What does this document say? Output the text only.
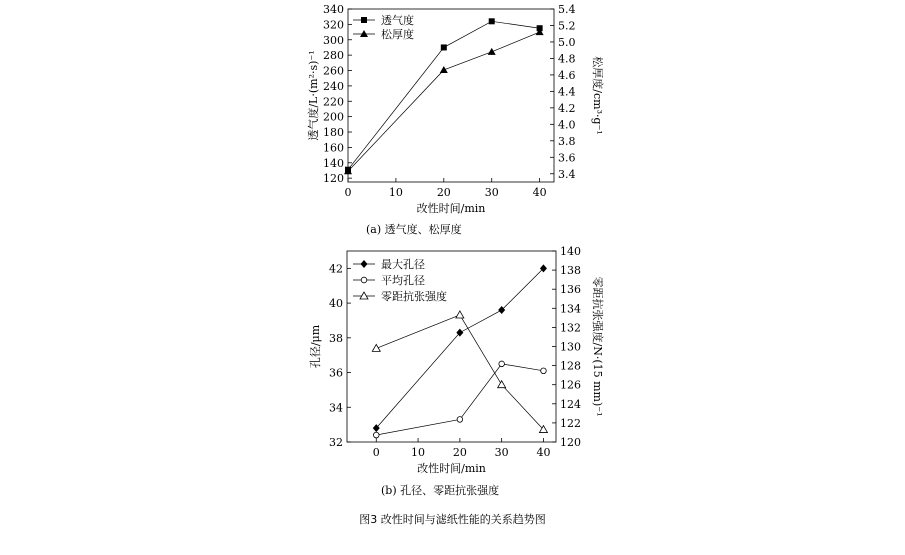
0	10	20	30	40
120
140
160
180
200
220
240
260
280
300
320
340
3.4
3.6
3.8
4.0
4.2
4.4
4.6
4.8
5.0
5.2
5.4
改性时间/min
透气度/L·(m²·s)⁻¹	松厚度/cm³·g⁻¹
透气度
松厚度
0	10	20	30	40
32
34
36
38
40
42
120
122
124
126
128
130
132
134
136
138
140
改性时间/min
孔径/μm	零距抗张强度/N·(15 mm)⁻¹
最大孔径
平均孔径
零距抗张强度
(a) 透气度、松厚度
(b) 孔径、零距抗张强度
图3 改性时间与滤纸性能的关系趋势图
